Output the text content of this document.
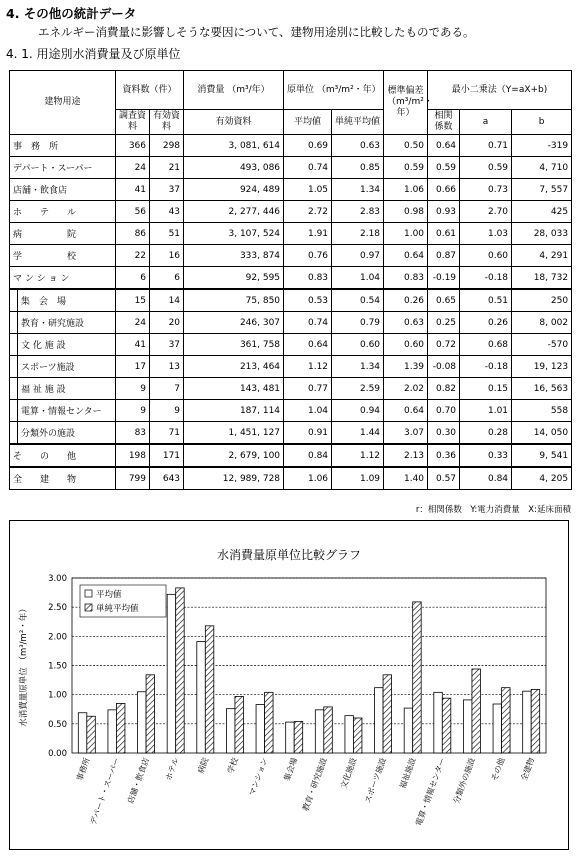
4. その他の統計データ
エネルギー消費量に影響しそうな要因について、建物用途別に比較したものである。
4. 1. 用途別水消費量及び原単位
建物用途		資料数（件）		消費量 （m³/年）	原単位 （m³/m²・年）		標準偏差 （m³/m²・年）	最小二乗法（Y=aX+b)		
		調査資料	有効資料	有効資料	平均値	単純平均値		相関係数	a	b
事　務　所		366	298	3, 081, 614	0.69	0.63	0.50	0.64	0.71	-319
デパート・スーパー		24	21	493, 086	0.74	0.85	0.59	0.59	0.59	4, 710
店舗・飲食店		41	37	924, 489	1.05	1.34	1.06	0.66	0.73	7, 557
ホ　　テ　　ル		56	43	2, 277, 446	2.72	2.83	0.98	0.93	2.70	425
病　　　　　院		86	51	3, 107, 524	1.91	2.18	1.00	0.61	1.03	28, 033
学　　　　　校		22	16	333, 874	0.76	0.97	0.64	0.87	0.60	4, 291
マ ン シ ョ ン		6	6	92, 595	0.83	1.04	0.83	-0.19	-0.18	18, 732
	集　会　場	15	14	75, 850	0.53	0.54	0.26	0.65	0.51	250
	教育・研究施設	24	20	246, 307	0.74	0.79	0.63	0.25	0.26	8, 002
	文 化 施 設	41	37	361, 758	0.64	0.60	0.60	0.72	0.68	-570
	スポーツ施設	17	13	213, 464	1.12	1.34	1.39	-0.08	-0.18	19, 123
	福 祉 施 設	9	7	143, 481	0.77	2.59	2.02	0.82	0.15	16, 563
	電算・情報センター	9	9	187, 114	1.04	0.94	0.64	0.70	1.01	558
	分類外の施設	83	71	1, 451, 127	0.91	1.44	3.07	0.30	0.28	14, 050
そ　　の　　他		198	171	2, 679, 100	0.84	1.12	2.13	0.36	0.33	9, 541
全　　建　　物		799	643	12, 989, 728	1.06	1.09	1.40	0.57	0.84	4, 205
r：相関係数　Y:電力消費量　X:延床面積
水消費量原単位比較グラフ
0.00
0.50
1.00
1.50
2.00
2.50
3.00
水消費量原単位 （m³/m²・年）
事務所
デパート・スーパー 店舗・飲食店 ホテル 病院 学校 マンション 集会場 教育・研究施設 文化施設 スポーツ施設 福祉施設
電算・情報センター 分類外の施設 その他 全建物
平均値
単純平均値
